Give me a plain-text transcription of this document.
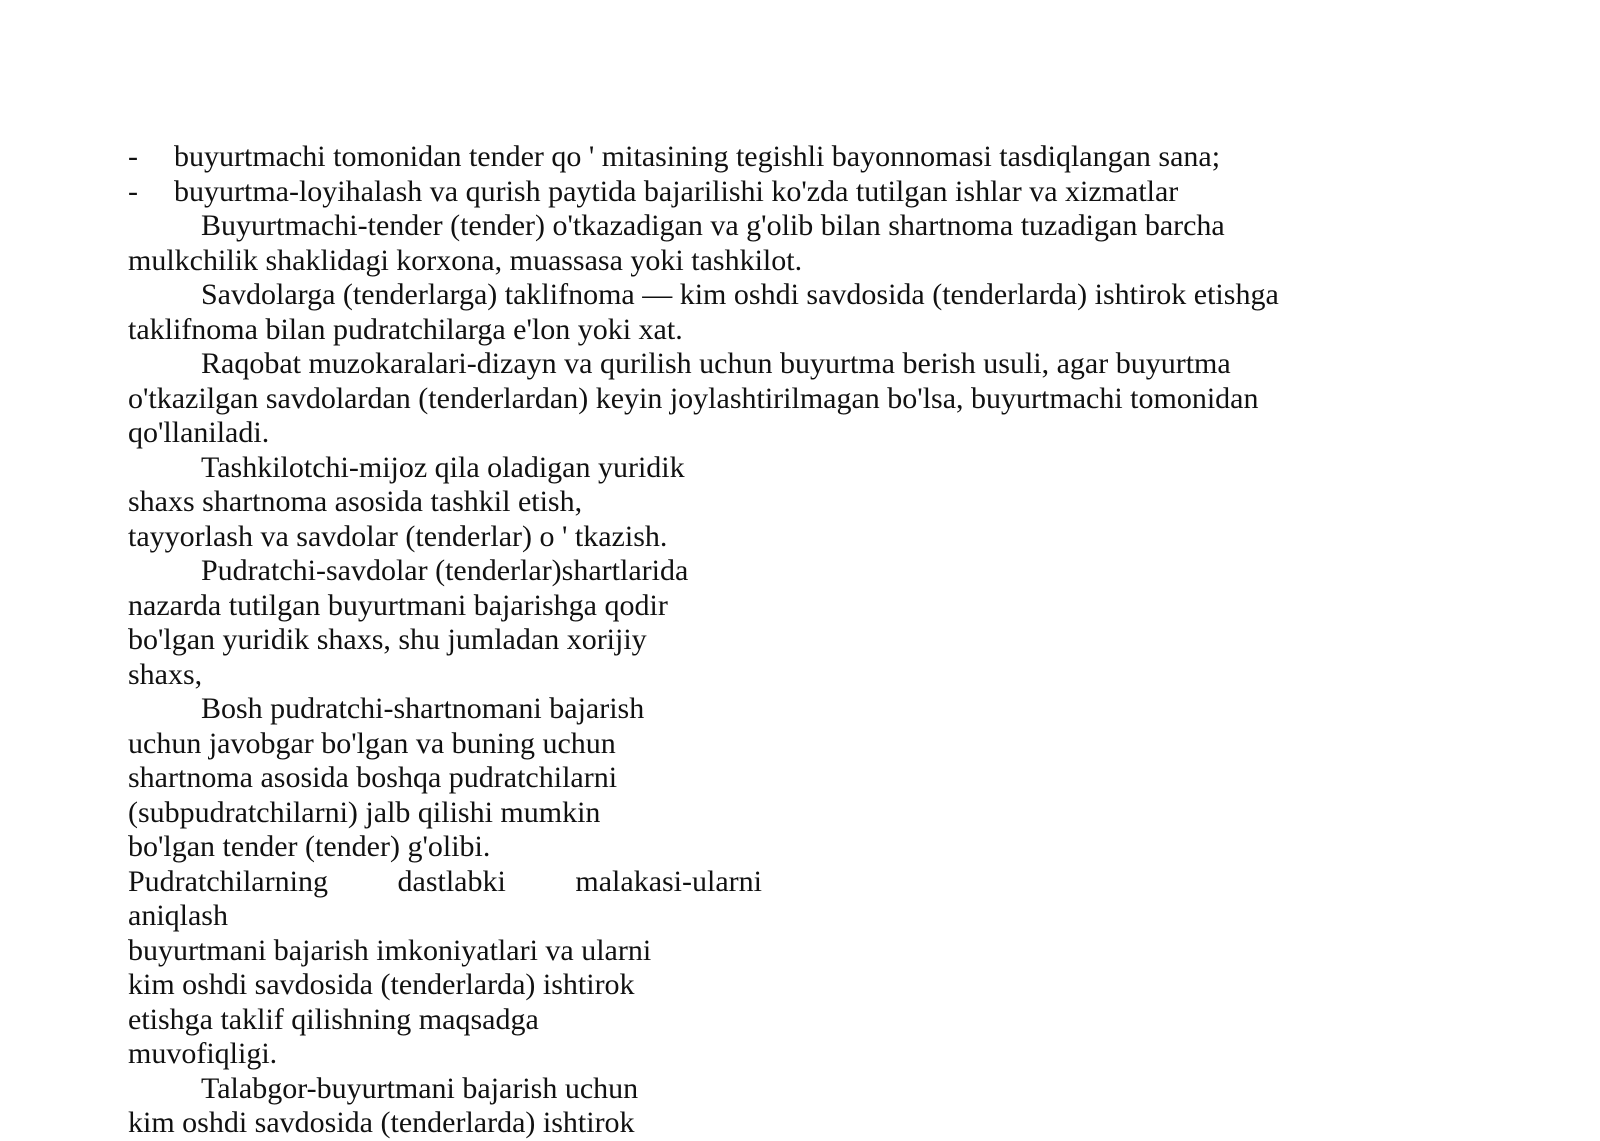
-	buyurtmachi tomonidan tender qo ' mitasining tegishli bayonnomasi tasdiqlangan sana;
-	buyurtma-loyihalash va qurish paytida bajarilishi ko'zda tutilgan ishlar va xizmatlar
Buyurtmachi-tender (tender) o'tkazadigan va g'olib bilan shartnoma tuzadigan barcha
mulkchilik shaklidagi korxona, muassasa yoki tashkilot.
Savdolarga (tenderlarga) taklifnoma — kim oshdi savdosida (tenderlarda) ishtirok etishga
taklifnoma bilan pudratchilarga e'lon yoki xat.
Raqobat muzokaralari-dizayn va qurilish uchun buyurtma berish usuli, agar buyurtma
o'tkazilgan savdolardan (tenderlardan) keyin joylashtirilmagan bo'lsa, buyurtmachi tomonidan
qo'llaniladi.
Tashkilotchi-mijoz qila oladigan yuridik
shaxs shartnoma asosida tashkil etish,
tayyorlash va savdolar (tenderlar) o ' tkazish.
Pudratchi-savdolar (tenderlar)shartlarida
nazarda tutilgan buyurtmani bajarishga qodir
bo'lgan yuridik shaxs, shu jumladan xorijiy
shaxs,
Bosh pudratchi-shartnomani bajarish
uchun javobgar bo'lgan va buning uchun
shartnoma asosida boshqa pudratchilarni
(subpudratchilarni) jalb qilishi mumkin
bo'lgan tender (tender) g'olibi.
Pudratchilarning dastlabki malakasi-ularni
aniqlash
buyurtmani bajarish imkoniyatlari va ularni
kim oshdi savdosida (tenderlarda) ishtirok
etishga taklif qilishning maqsadga
muvofiqligi.
Talabgor-buyurtmani bajarish uchun
kim oshdi savdosida (tenderlarda) ishtirok
